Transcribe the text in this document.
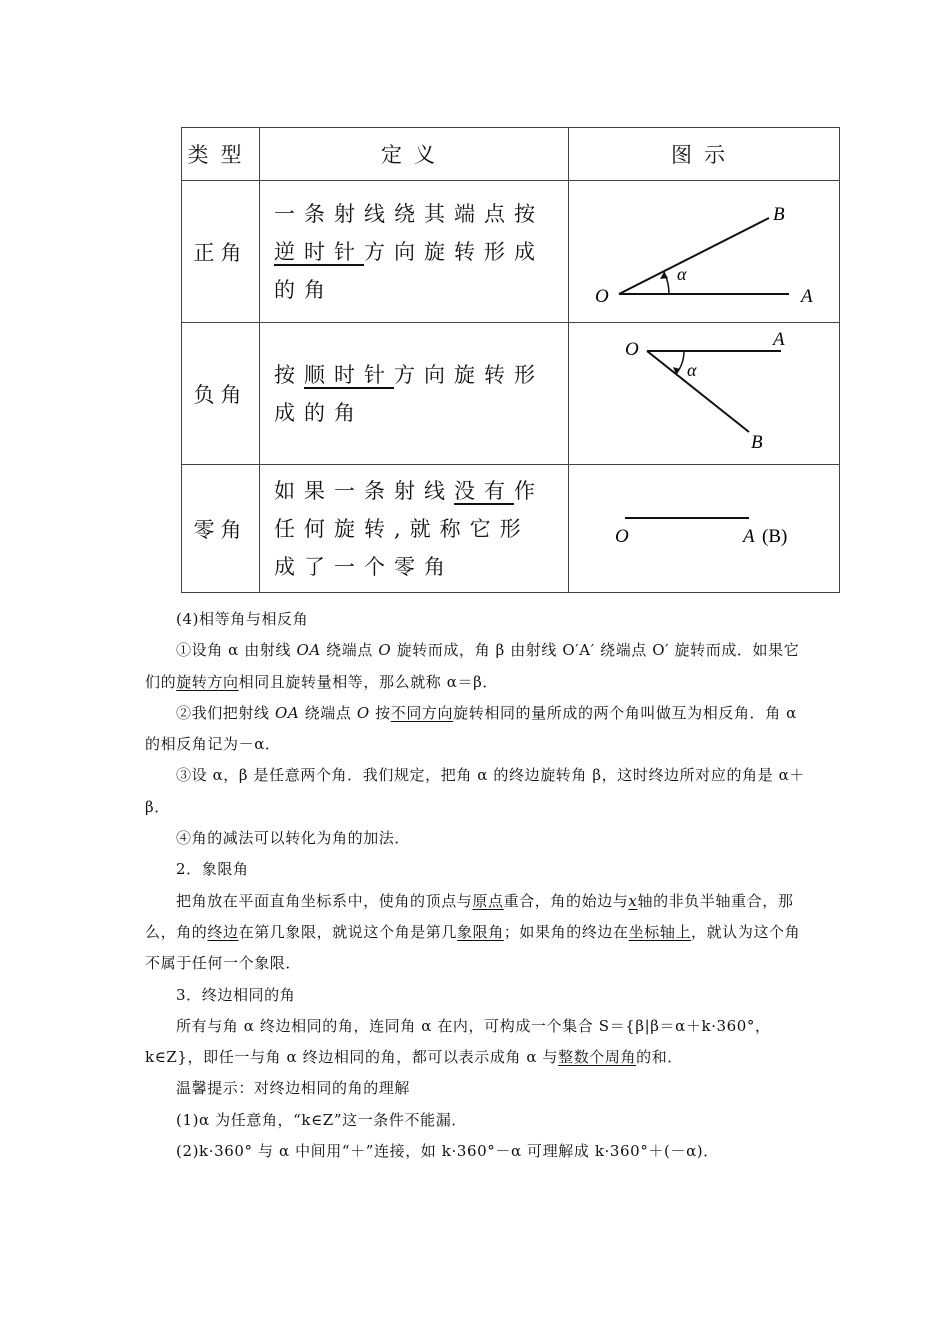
类型	定义	图示
正角	一条射线绕其端点按逆时针方向旋转形成的角	O A
B
α

负角	按顺时针方向旋转形成的角	O A
B
α

零角	如果一条射线没有作任何旋转,就称它形成了一个零角	O A (B)

(4)相等角与相反角

①设角 α 由射线 OA 绕端点 O 旋转而成，角 β 由射线 O′A′ 绕端点 O′ 旋转而成．如果它们的旋转方向相同且旋转量相等，那么就称 α＝β．

②我们把射线 OA 绕端点 O 按不同方向旋转相同的量所成的两个角叫做互为相反角．角 α 的相反角记为－α．

③设 α，β 是任意两个角．我们规定，把角 α 的终边旋转角 β，这时终边所对应的角是 α＋β．

④角的减法可以转化为角的加法．

2．象限角

把角放在平面直角坐标系中，使角的顶点与原点重合，角的始边与x轴的非负半轴重合，那么，角的终边在第几象限，就说这个角是第几象限角；如果角的终边在坐标轴上，就认为这个角不属于任何一个象限．

3．终边相同的角

所有与角 α 终边相同的角，连同角 α 在内，可构成一个集合 S＝{β|β＝α＋k·360°，k∈Z}，即任一与角 α 终边相同的角，都可以表示成角 α 与整数个周角的和．

温馨提示：对终边相同的角的理解

(1)α 为任意角，“k∈Z”这一条件不能漏．

(2)k·360° 与 α 中间用“＋”连接，如 k·360°－α 可理解成 k·360°＋(－α)．
